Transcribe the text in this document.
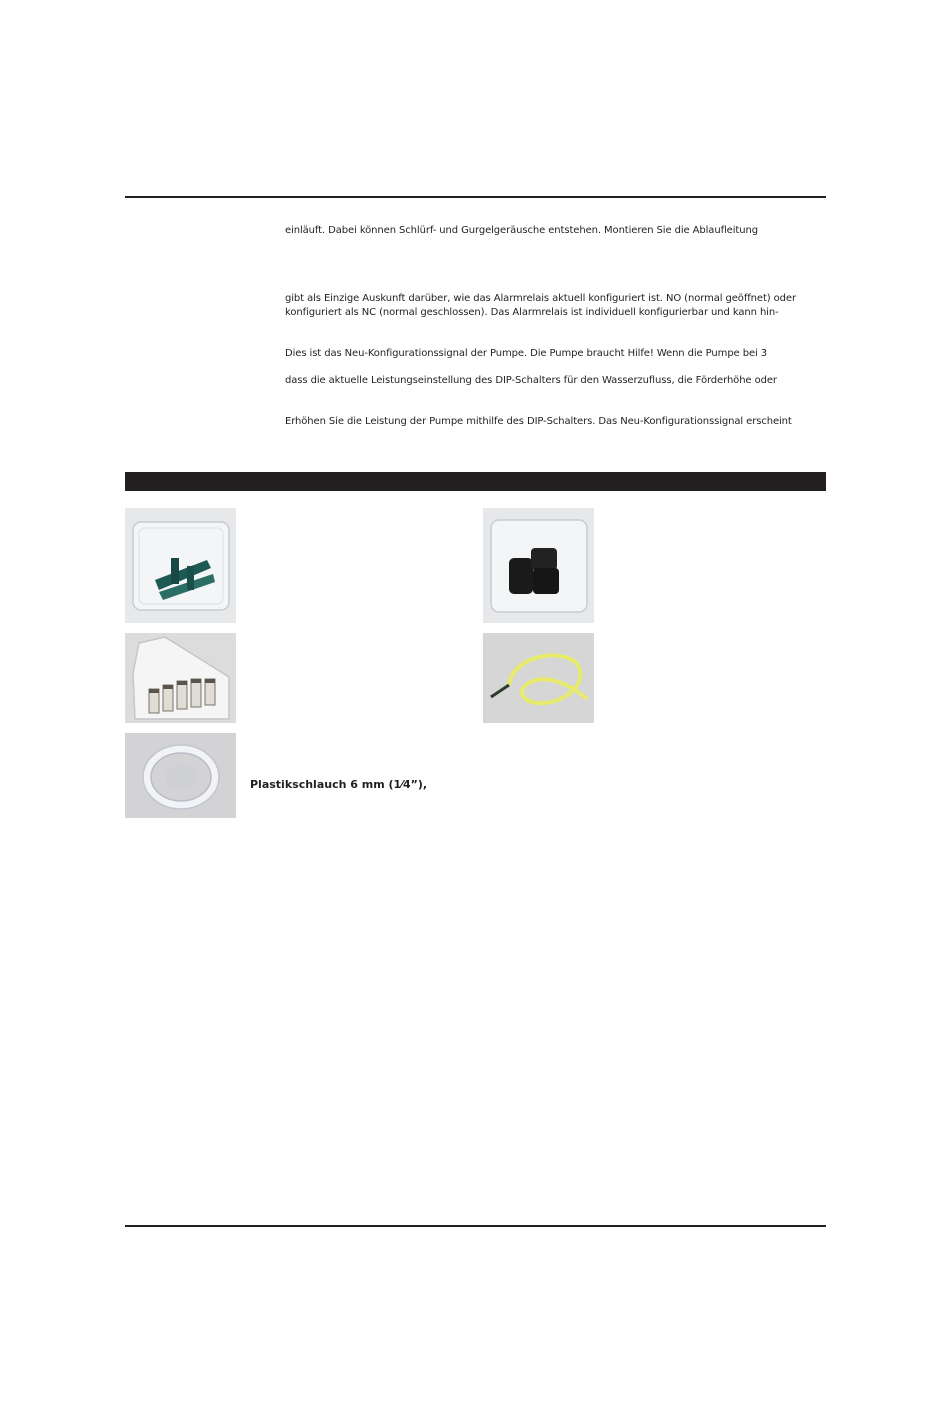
einläuft. Dabei können Schlürf- und Gurgelgeräusche entstehen. Montieren Sie die Ablaufleitung
gibt als Einzige Auskunft darüber, wie das Alarmrelais aktuell konfiguriert ist. NO (normal geöffnet) oder
konfiguriert als NC (normal geschlossen). Das Alarmrelais ist individuell konfigurierbar und kann hin-
Dies ist das Neu-Konfigurationssignal der Pumpe. Die Pumpe braucht Hilfe! Wenn die Pumpe bei 3
dass die aktuelle Leistungseinstellung des DIP-Schalters für den Wasserzufluss, die Förderhöhe oder
Erhöhen Sie die Leistung der Pumpe mithilfe des DIP-Schalters. Das Neu-Konfigurationssignal erscheint
Plastikschlauch 6 mm (1⁄4”),
